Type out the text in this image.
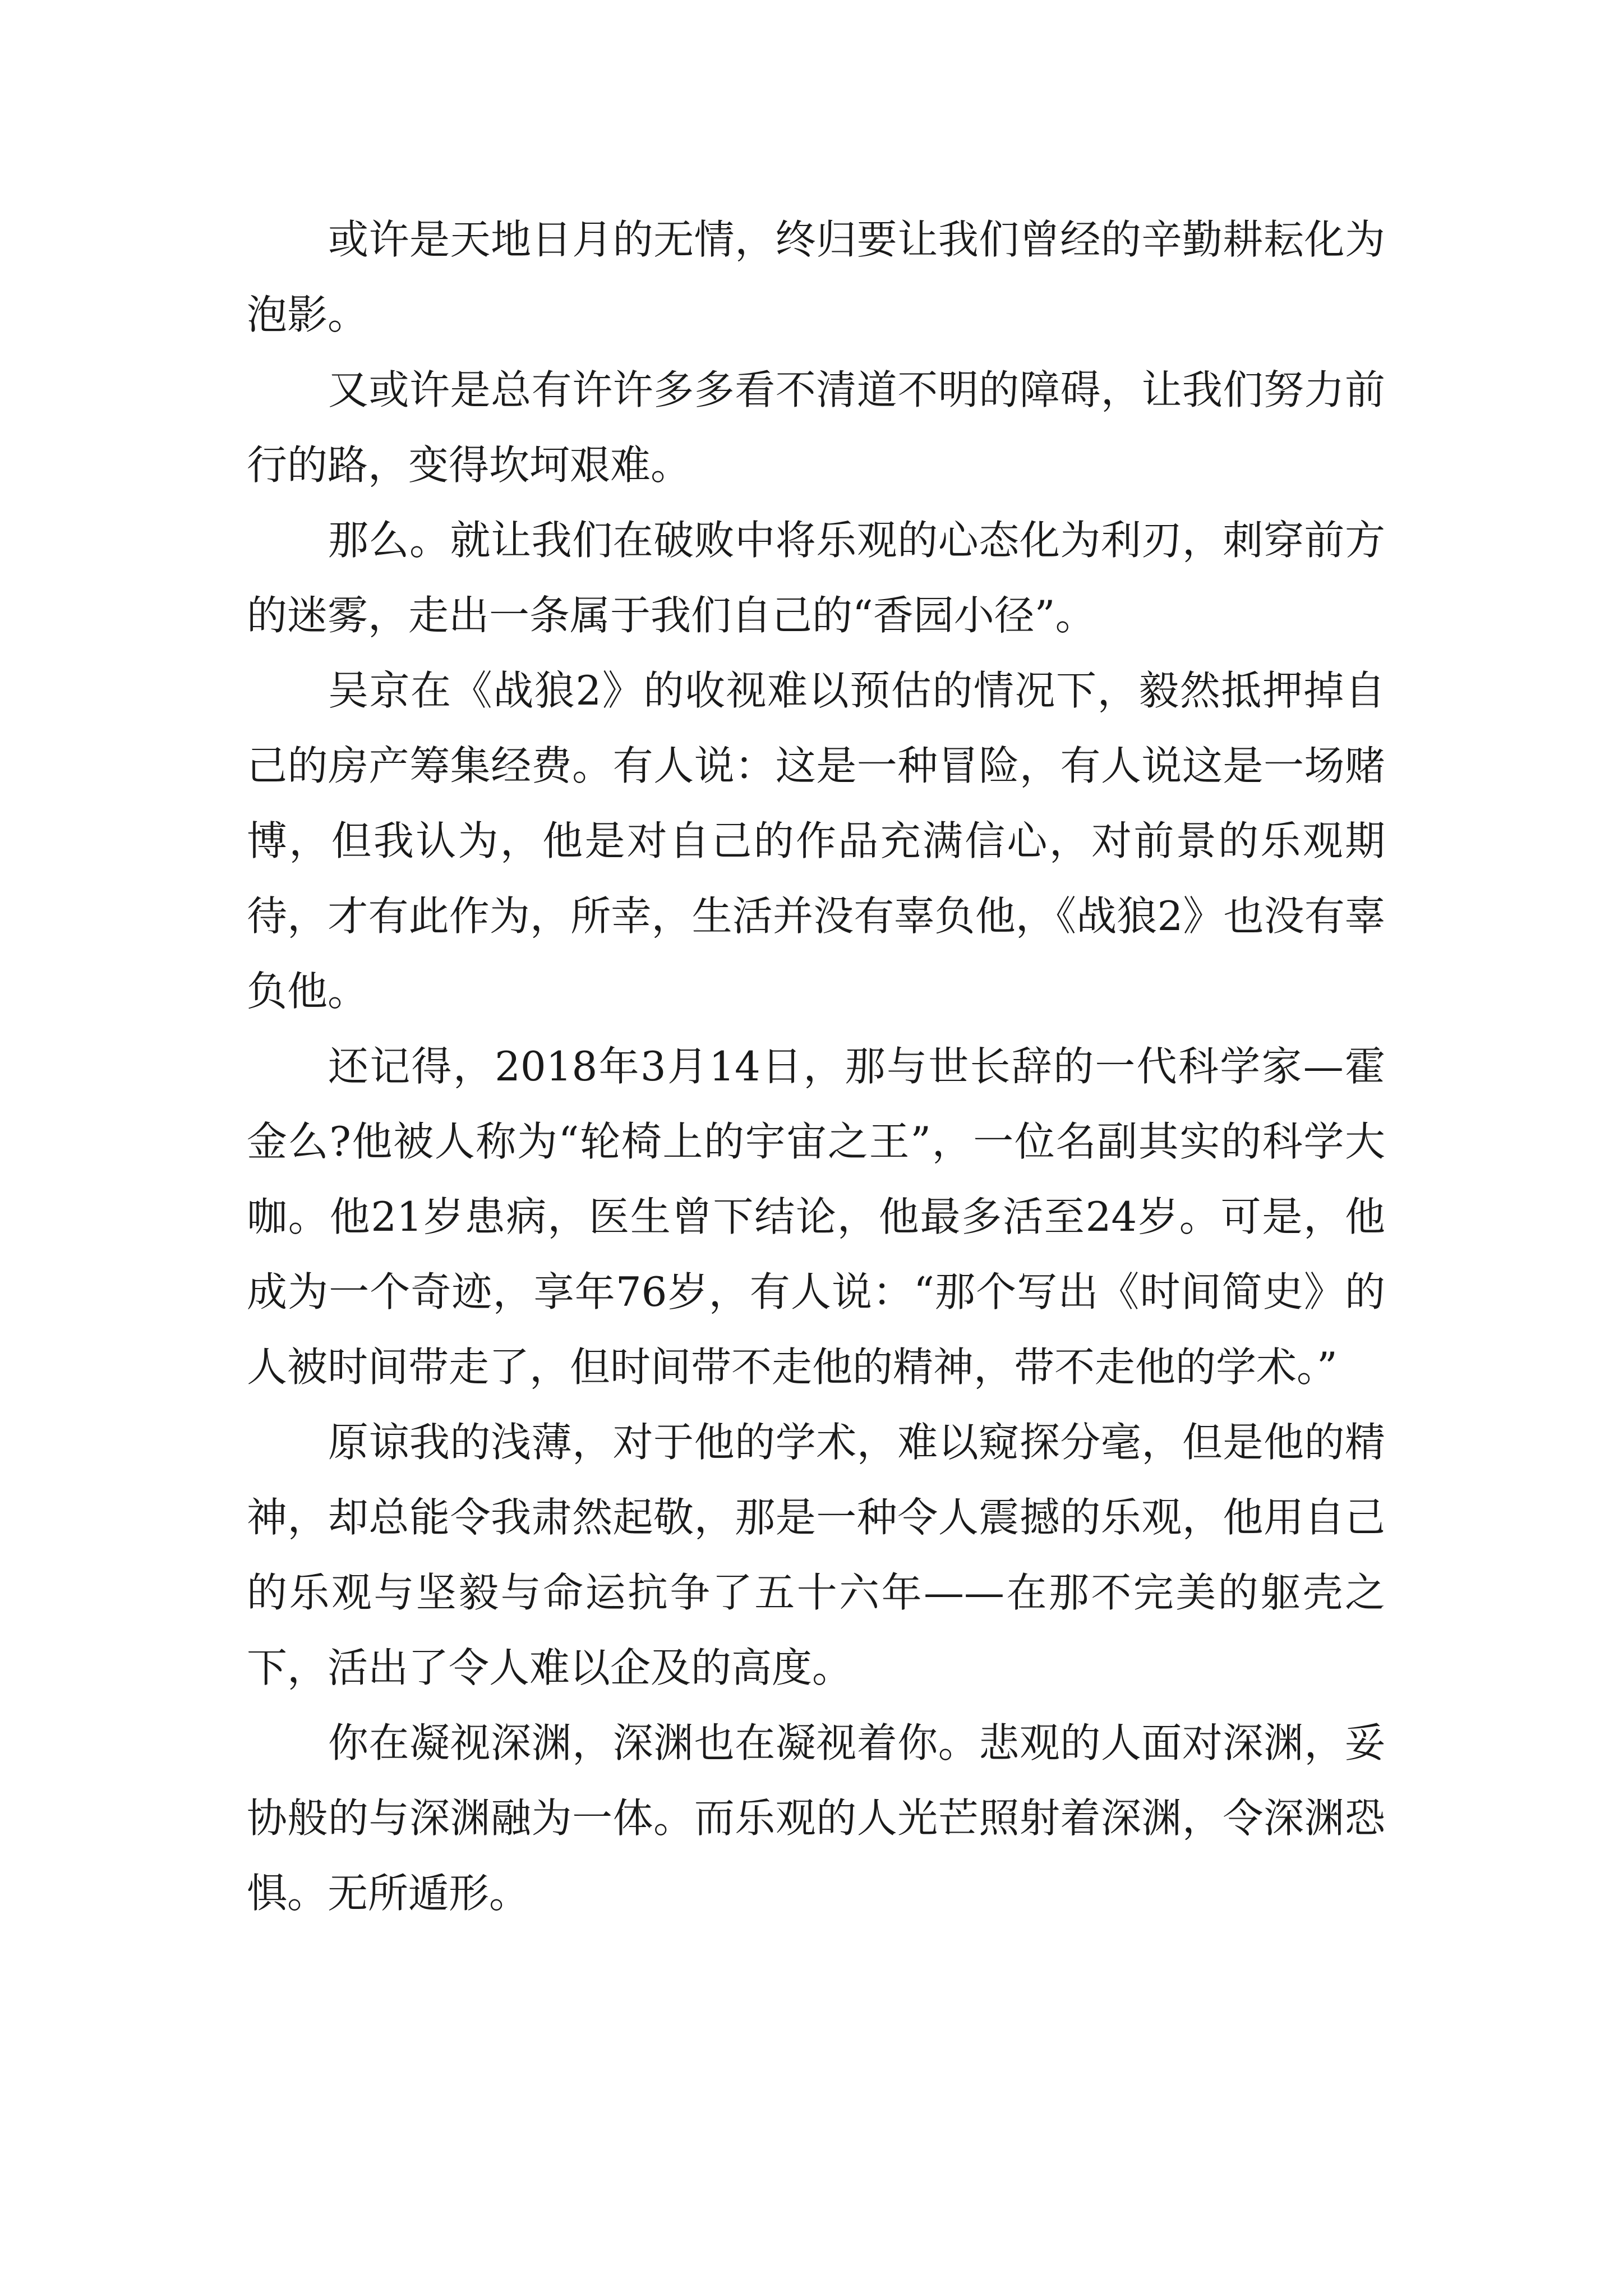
或许是天地日月的无情，终归要让我们曾经的辛勤耕耘化为泡影。

又或许是总有许许多多看不清道不明的障碍，让我们努力前行的路，变得坎坷艰难。

那么。就让我们在破败中将乐观的心态化为利刃，刺穿前方的迷雾，走出一条属于我们自己的“香园小径”。

吴京在《战狼2》的收视难以预估的情况下，毅然抵押掉自己的房产筹集经费。有人说：这是一种冒险，有人说这是一场赌博，但我认为，他是对自己的作品充满信心，对前景的乐观期待，才有此作为，所幸，生活并没有辜负他，《战狼2》也没有辜负他。

还记得，2018年3月14日，那与世长辞的一代科学家—霍金么?他被人称为“轮椅上的宇宙之王”，一位名副其实的科学大咖。他21岁患病，医生曾下结论，他最多活至24岁。可是，他成为一个奇迹，享年76岁，有人说：“那个写出《时间简史》的人被时间带走了，但时间带不走他的精神，带不走他的学术。”

原谅我的浅薄，对于他的学术，难以窥探分毫，但是他的精神，却总能令我肃然起敬，那是一种令人震撼的乐观，他用自己的乐观与坚毅与命运抗争了五十六年——在那不完美的躯壳之下，活出了令人难以企及的高度。

你在凝视深渊，深渊也在凝视着你。悲观的人面对深渊，妥协般的与深渊融为一体。而乐观的人光芒照射着深渊，令深渊恐惧。无所遁形。
